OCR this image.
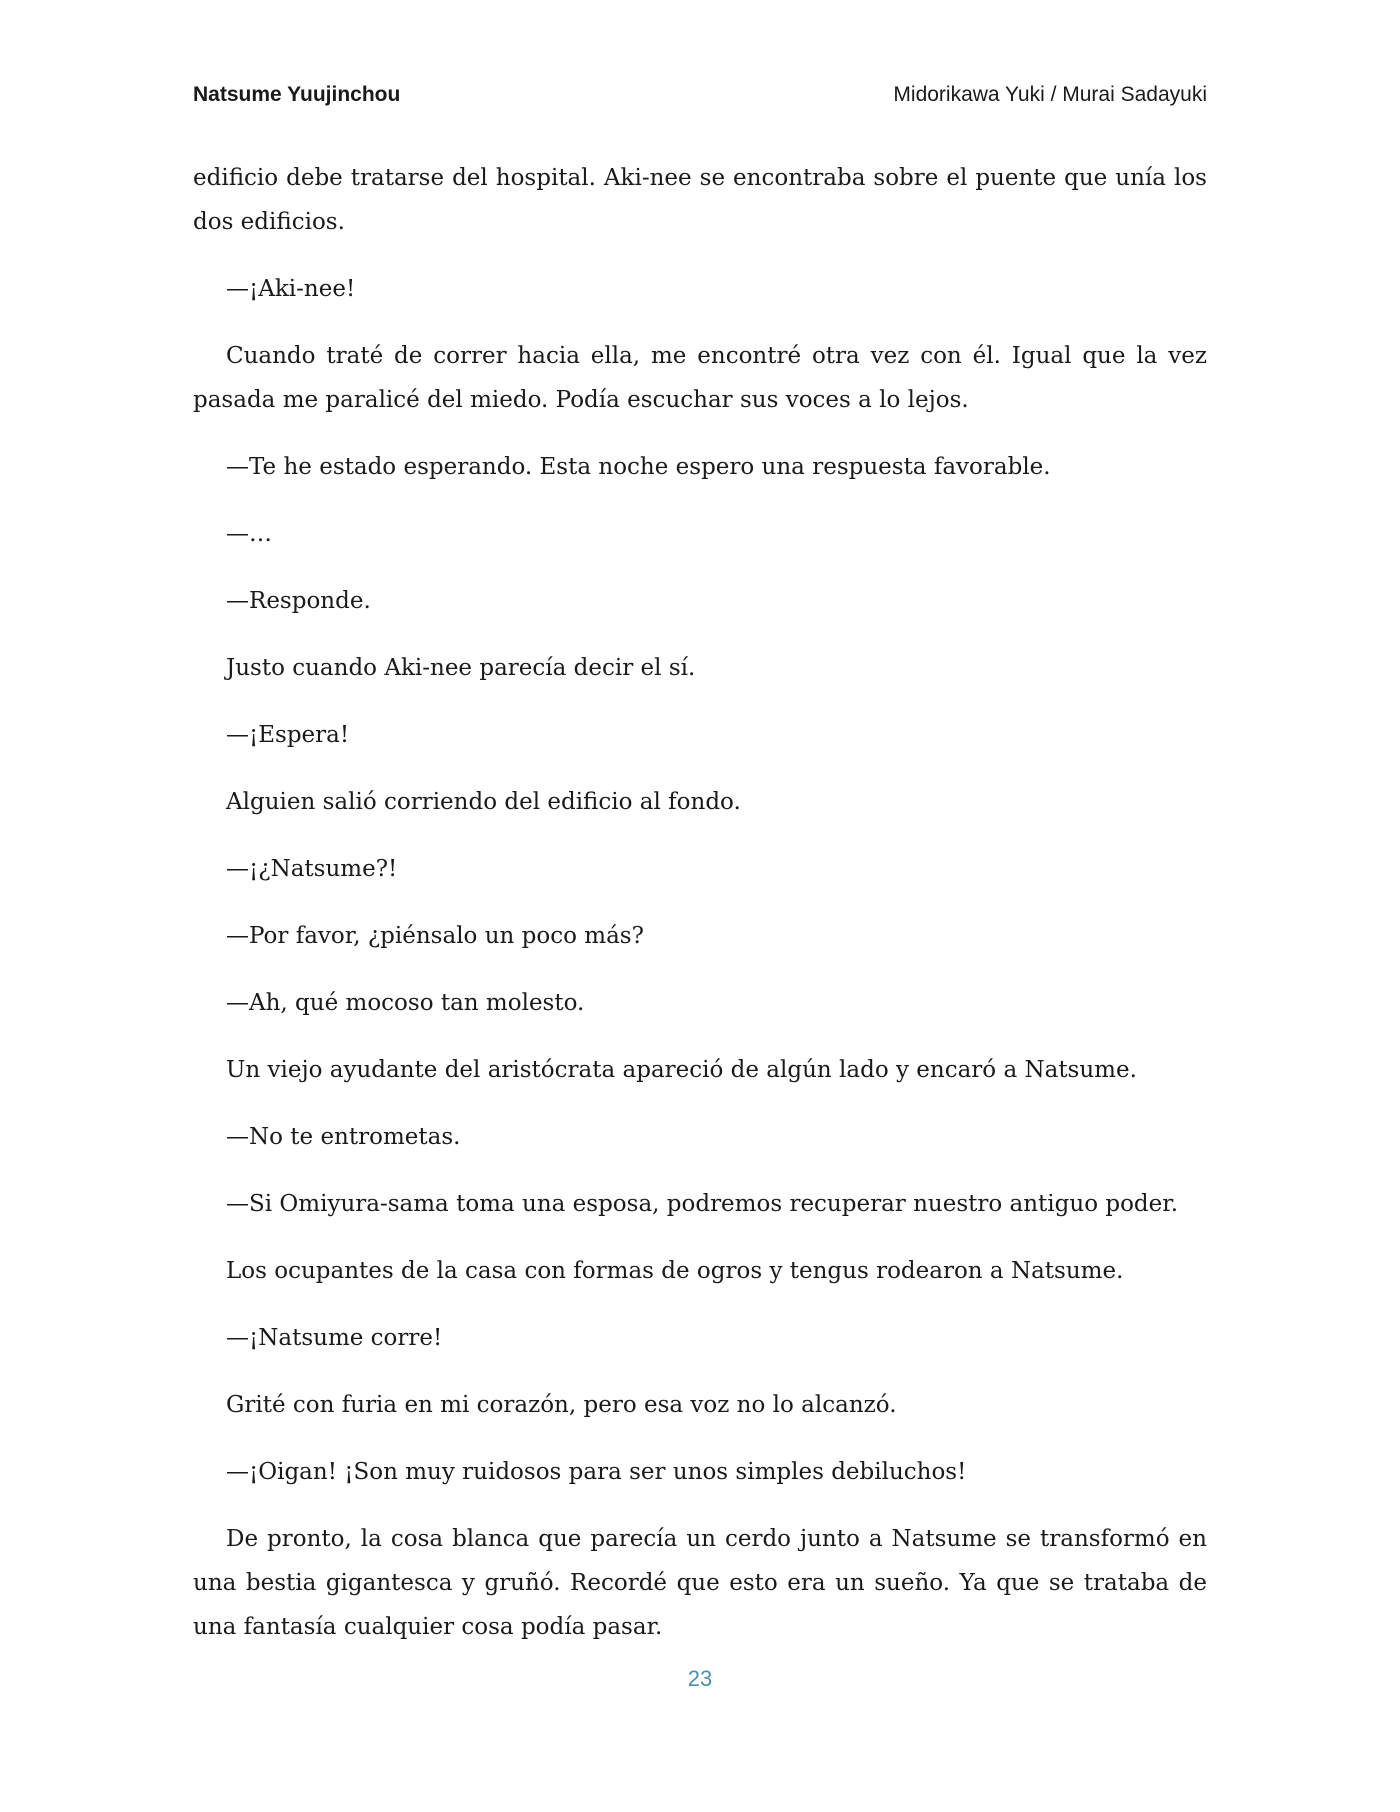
Natsume Yuujinchou	Midorikawa Yuki / Murai Sadayuki

edificio debe tratarse del hospital. Aki-nee se encontraba sobre el puente que unía los dos edificios.

—¡Aki-nee!

Cuando traté de correr hacia ella, me encontré otra vez con él. Igual que la vez pasada me paralicé del miedo. Podía escuchar sus voces a lo lejos.

—Te he estado esperando. Esta noche espero una respuesta favorable.

—…

—Responde.

Justo cuando Aki-nee parecía decir el sí.

—¡Espera!

Alguien salió corriendo del edificio al fondo.

—¡¿Natsume?!

—Por favor, ¿piénsalo un poco más?

—Ah, qué mocoso tan molesto.

Un viejo ayudante del aristócrata apareció de algún lado y encaró a Natsume.

—No te entrometas.

—Si Omiyura-sama toma una esposa, podremos recuperar nuestro antiguo poder.

Los ocupantes de la casa con formas de ogros y tengus rodearon a Natsume.

—¡Natsume corre!

Grité con furia en mi corazón, pero esa voz no lo alcanzó.

—¡Oigan! ¡Son muy ruidosos para ser unos simples debiluchos!

De pronto, la cosa blanca que parecía un cerdo junto a Natsume se transformó en una bestia gigantesca y gruñó. Recordé que esto era un sueño. Ya que se trataba de una fantasía cualquier cosa podía pasar.

23
